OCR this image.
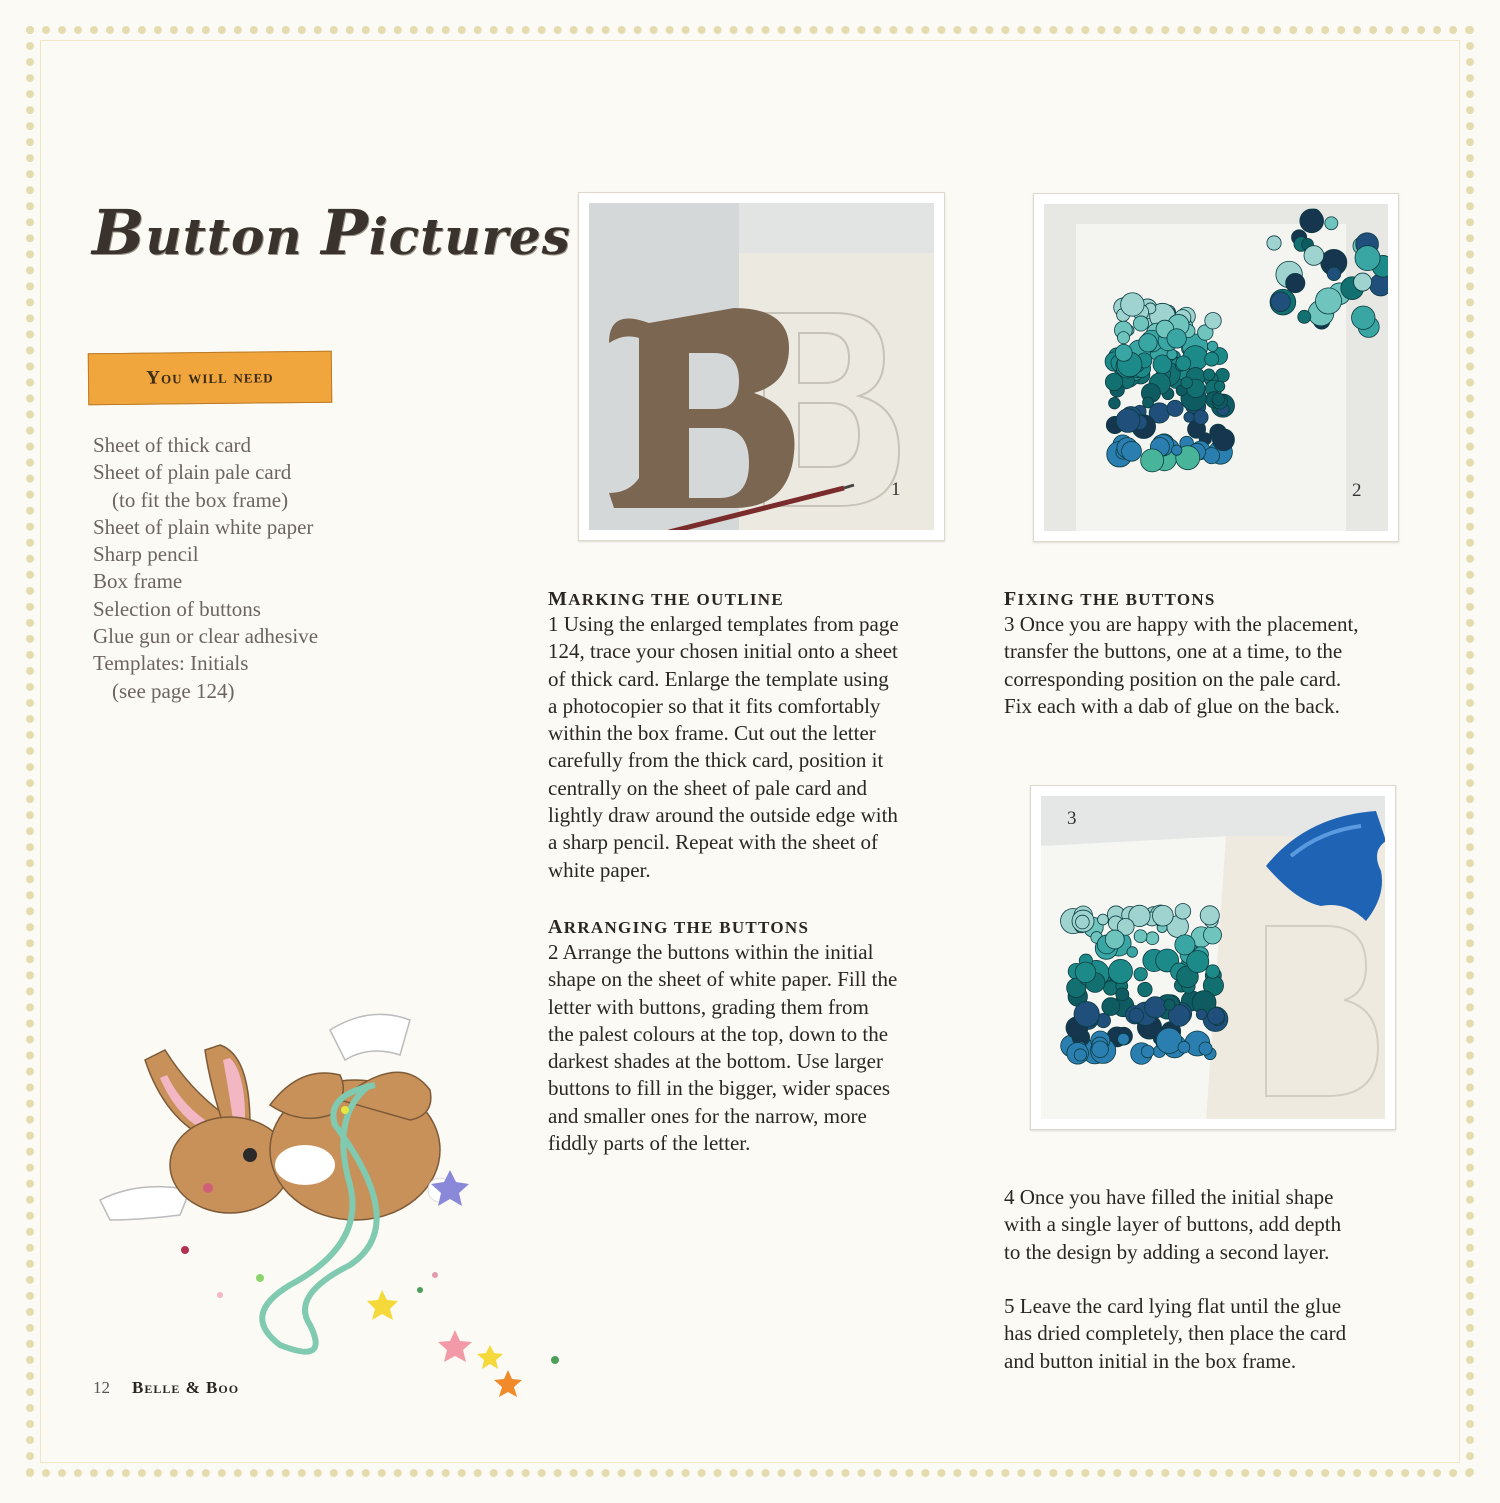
Button Pictures
You will need
Sheet of thick card
Sheet of plain pale card
(to fit the box frame)
Sheet of plain white paper
Sharp pencil
Box frame
Selection of buttons
Glue gun or clear adhesive
Templates: Initials
(see page 124)
1	2
3
MARKING THE OUTLINE
1 Using the enlarged templates from page
124, trace your chosen initial onto a sheet
of thick card. Enlarge the template using
a photocopier so that it fits comfortably
within the box frame. Cut out the letter
carefully from the thick card, position it
centrally on the sheet of pale card and
lightly draw around the outside edge with
a sharp pencil. Repeat with the sheet of
white paper.
ARRANGING THE BUTTONS
2 Arrange the buttons within the initial
shape on the sheet of white paper. Fill the
letter with buttons, grading them from
the palest colours at the top, down to the
darkest shades at the bottom. Use larger
buttons to fill in the bigger, wider spaces
and smaller ones for the narrow, more
fiddly parts of the letter.
FIXING THE BUTTONS
3 Once you are happy with the placement,
transfer the buttons, one at a time, to the
corresponding position on the pale card.
Fix each with a dab of glue on the back.
4 Once you have filled the initial shape
with a single layer of buttons, add depth
to the design by adding a second layer.
5 Leave the card lying flat until the glue
has dried completely, then place the card
and button initial in the box frame.
12 Belle & Boo
